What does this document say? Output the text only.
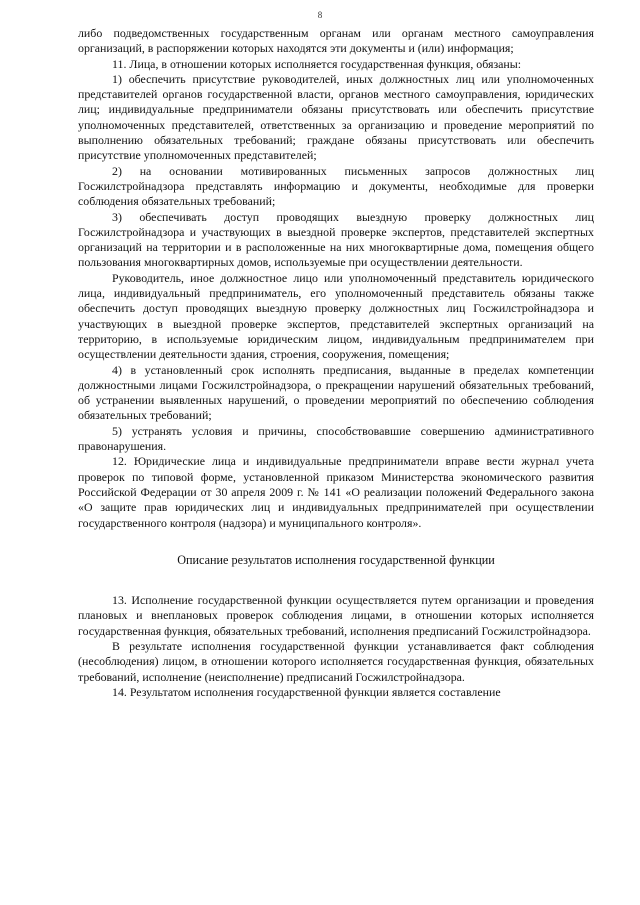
8

либо подведомственных государственным органам или органам местного самоуправления организаций, в распоряжении которых находятся эти документы и (или) информация;

11. Лица, в отношении которых исполняется государственная функция, обязаны:

1) обеспечить присутствие руководителей, иных должностных лиц или уполномоченных представителей органов государственной власти, органов местного самоуправления, юридических лиц; индивидуальные предприниматели обязаны присутствовать или обеспечить присутствие уполномоченных представителей, ответственных за организацию и проведение мероприятий по выполнению обязательных требований; граждане обязаны присутствовать или обеспечить присутствие уполномоченных представителей;

2) на основании мотивированных письменных запросов должностных лиц Госжилстройнадзора представлять информацию и документы, необходимые для проверки соблюдения обязательных требований;

3) обеспечивать доступ проводящих выездную проверку должностных лиц Госжилстройнадзора и участвующих в выездной проверке экспертов, представителей экспертных организаций на территории и в расположенные на них многоквартирные дома, помещения общего пользования многоквартирных домов, используемые при осуществлении деятельности.

Руководитель, иное должностное лицо или уполномоченный представитель юридического лица, индивидуальный предприниматель, его уполномоченный представитель обязаны также обеспечить доступ проводящих выездную проверку должностных лиц Госжилстройнадзора и участвующих в выездной проверке экспертов, представителей экспертных организаций на территорию, в используемые юридическим лицом, индивидуальным предпринимателем при осуществлении деятельности здания, строения, сооружения, помещения;

4) в установленный срок исполнять предписания, выданные в пределах компетенции должностными лицами Госжилстройнадзора, о прекращении нарушений обязательных требований, об устранении выявленных нарушений, о проведении мероприятий по обеспечению соблюдения обязательных требований;

5) устранять условия и причины, способствовавшие совершению административного правонарушения.

12. Юридические лица и индивидуальные предприниматели вправе вести журнал учета проверок по типовой форме, установленной приказом Министерства экономического развития Российской Федерации от 30 апреля 2009 г. № 141 «О реализации положений Федерального закона «О защите прав юридических лиц и индивидуальных предпринимателей при осуществлении государственного контроля (надзора) и муниципального контроля».

Описание результатов исполнения государственной функции

13. Исполнение государственной функции осуществляется путем организации и проведения плановых и внеплановых проверок соблюдения лицами, в отношении которых исполняется государственная функция, обязательных требований, исполнения предписаний Госжилстройнадзора.

В результате исполнения государственной функции устанавливается факт соблюдения (несоблюдения) лицом, в отношении которого исполняется государственная функция, обязательных требований, исполнение (неисполнение) предписаний Госжилстройнадзора.

14. Результатом исполнения государственной функции является составление
